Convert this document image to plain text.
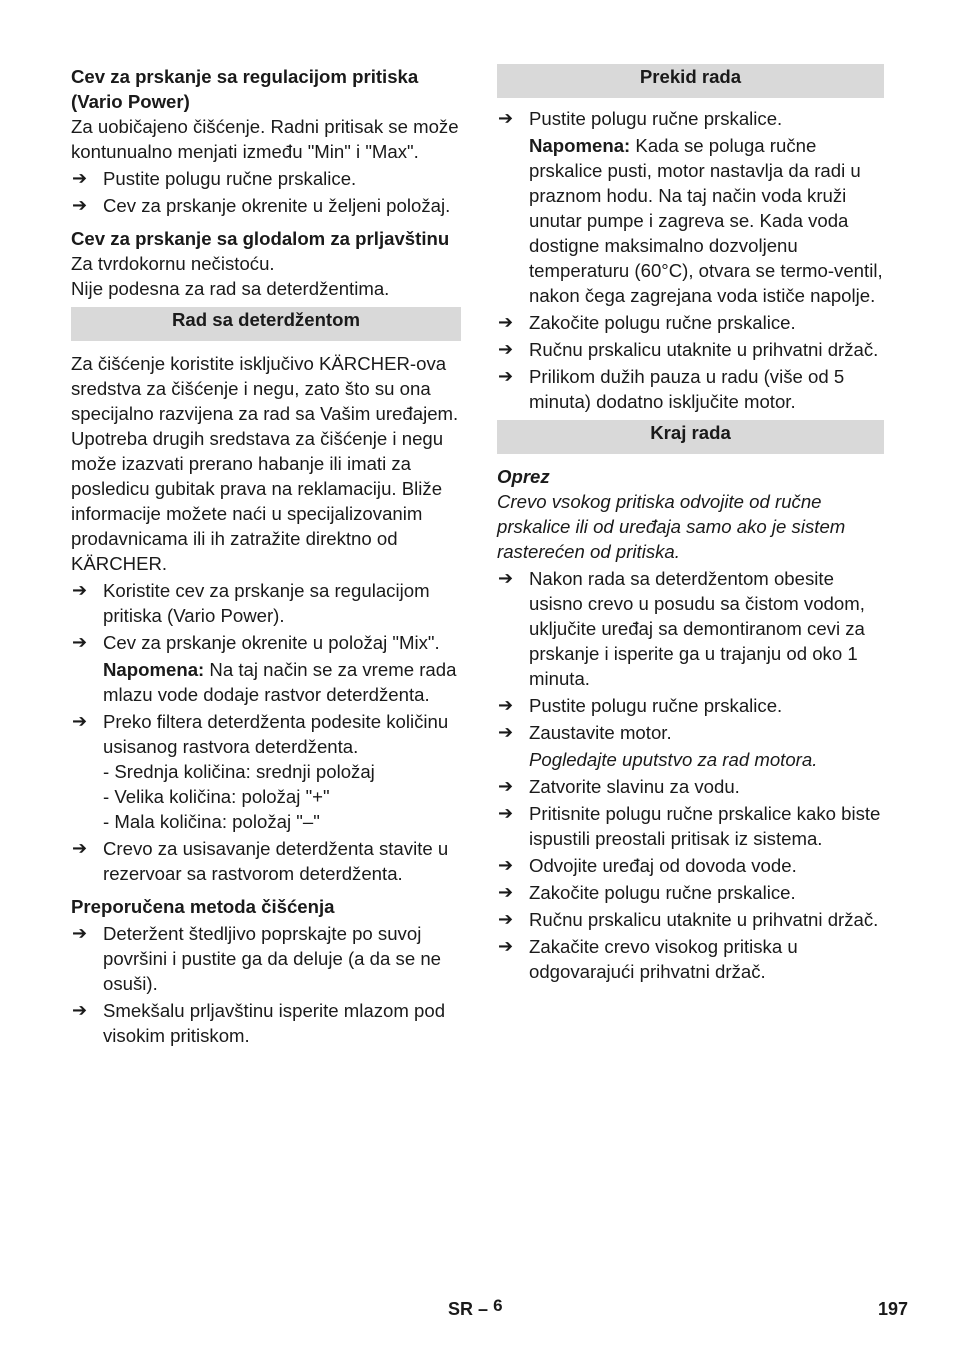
Cev za prskanje sa regulacijom pritiska (Vario Power)
Za uobičajeno čišćenje. Radni pritisak se može kontunualno menjati između "Min" i "Max".
➔ Pustite polugu ručne prskalice.
➔ Cev za prskanje okrenite u željeni položaj.
Cev za prskanje sa glodalom za prljavštinu
Za tvrdokornu nečistoću.
Nije podesna za rad sa deterdžentima.
Rad sa deterdžentom
Za čišćenje koristite isključivo KÄRCHER-ova sredstva za čišćenje i negu, zato što su ona specijalno razvijena za rad sa Vašim uređajem. Upotreba drugih sredstava za čišćenje i negu može izazvati prerano habanje ili imati za posledicu gubitak prava na reklamaciju. Bliže informacije možete naći u specijalizovanim prodavnicama ili ih zatražite direktno od KÄRCHER.
➔ Koristite cev za prskanje sa regulacijom pritiska (Vario Power).
➔ Cev za prskanje okrenite u položaj "Mix".
Napomena: Na taj način se za vreme rada mlazu vode dodaje rastvor deterdženta.
➔ Preko filtera deterdženta podesite količinu usisanog rastvora deterdženta.
- Srednja količina: srednji položaj
- Velika količina: položaj "+"
- Mala količina: položaj "–"
➔ Crevo za usisavanje deterdženta stavite u rezervoar sa rastvorom deterdženta.
Preporučena metoda čišćenja
➔ Deteržent štedljivo poprskajte po suvoj površini i pustite ga da deluje (a da se ne osuši).
➔ Smekšalu prljavštinu isperite mlazom pod visokim pritiskom.
Prekid rada
➔ Pustite polugu ručne prskalice.
Napomena: Kada se poluga ručne prskalice pusti, motor nastavlja da radi u praznom hodu. Na taj način voda kruži unutar pumpe i zagreva se. Kada voda dostigne maksimalno dozvoljenu temperaturu (60°C), otvara se termo-ventil, nakon čega zagrejana voda ističe napolje.
➔ Zakočite polugu ručne prskalice.
➔ Ručnu prskalicu utaknite u prihvatni držač.
➔ Prilikom dužih pauza u radu (više od 5 minuta) dodatno isključite motor.
Kraj rada
Oprez
Crevo vsokog pritiska odvojite od ručne prskalice ili od uređaja samo ako je sistem rasterećen od pritiska.
➔ Nakon rada sa deterdžentom obesite usisno crevo u posudu sa čistom vodom, uključite uređaj sa demontiranom cevi za prskanje i isperite ga u trajanju od oko 1 minuta.
➔ Pustite polugu ručne prskalice.
➔ Zaustavite motor.
Pogledajte uputstvo za rad motora.
➔ Zatvorite slavinu za vodu.
➔ Pritisnite polugu ručne prskalice kako biste ispustili preostali pritisak iz sistema.
➔ Odvojite uređaj od dovoda vode.
➔ Zakočite polugu ručne prskalice.
➔ Ručnu prskalicu utaknite u prihvatni držač.
➔ Zakačite crevo visokog pritiska u odgovarajući prihvatni držač.
SR – $^6$	197
